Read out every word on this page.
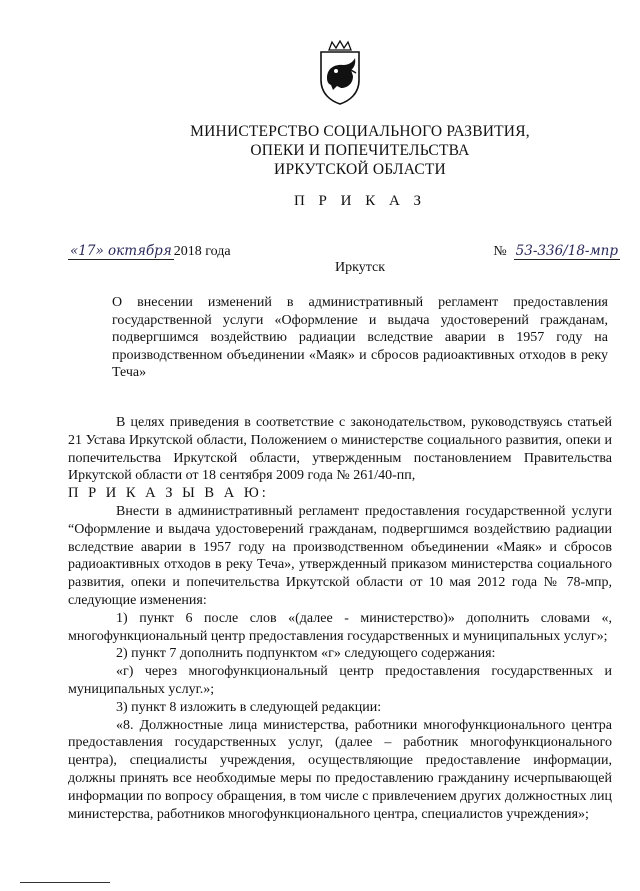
МИНИСТЕРСТВО СОЦИАЛЬНОГО РАЗВИТИЯ,
ОПЕКИ И ПОПЕЧИТЕЛЬСТВА
ИРКУТСКОЙ ОБЛАСТИ
П Р И К А З
«17» октября 2018 года	№ 53-336/18-мпр
Иркутск
О внесении изменений в административный регламент предоставления государственной услуги «Оформление и выдача удостоверений гражданам, подвергшимся воздействию радиации вследствие аварии в 1957 году на производственном объединении «Маяк» и сбросов радиоактивных отходов в реку Теча»

В целях приведения в соответствие с законодательством, руководствуясь статьей 21 Устава Иркутской области, Положением о министерстве социального развития, опеки и попечительства Иркутской области, утвержденным постановлением Правительства Иркутской области от 18 сентября 2009 года № 261/40-пп,

П Р И К А З Ы В А Ю:

Внести в административный регламент предоставления государственной услуги “Оформление и выдача удостоверений гражданам, подвергшимся воздействию радиации вследствие аварии в 1957 году на производственном объединении «Маяк» и сбросов радиоактивных отходов в реку Теча», утвержденный приказом министерства социального развития, опеки и попечительства Иркутской области от 10 мая 2012 года № 78-мпр, следующие изменения:

1) пункт 6 после слов «(далее - министерство)» дополнить словами «, многофункциональный центр предоставления государственных и муниципальных услуг»;

2) пункт 7 дополнить подпунктом «г» следующего содержания:

«г) через многофункциональный центр предоставления государственных и муниципальных услуг.»;

3) пункт 8 изложить в следующей редакции:

«8. Должностные лица министерства, работники многофункционального центра предоставления государственных услуг, (далее – работник многофункционального центра), специалисты учреждения, осуществляющие предоставление информации, должны принять все необходимые меры по предоставлению гражданину исчерпывающей информации по вопросу обращения, в том числе с привлечением других должностных лиц министерства, работников многофункционального центра, специалистов учреждения»;
